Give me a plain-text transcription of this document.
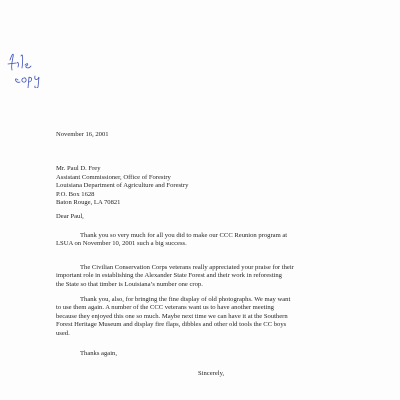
November 16, 2001
Mr. Paul D. Frey
Assistant Commissioner, Office of Forestry
Louisiana Department of Agriculture and Forestry
P.O. Box 1628
Baton Rouge, LA 70821
Dear Paul,
Thank you so very much for all you did to make our CCC Reunion program at
LSUA on November 10, 2001 such a big success.
The Civilian Conservation Corps veterans really appreciated your praise for their
important role in establishing the Alexander State Forest and their work in reforesting
the State so that timber is Louisiana’s number one crop.
Thank you, also, for bringing the fine display of old photographs. We may want
to use them again. A number of the CCC veterans want us to have another meeting
because they enjoyed this one so much. Maybe next time we can have it at the Southern
Forest Heritage Museum and display fire flaps, dibbles and other old tools the CC boys
used.
Thanks again,
Sincerely,
